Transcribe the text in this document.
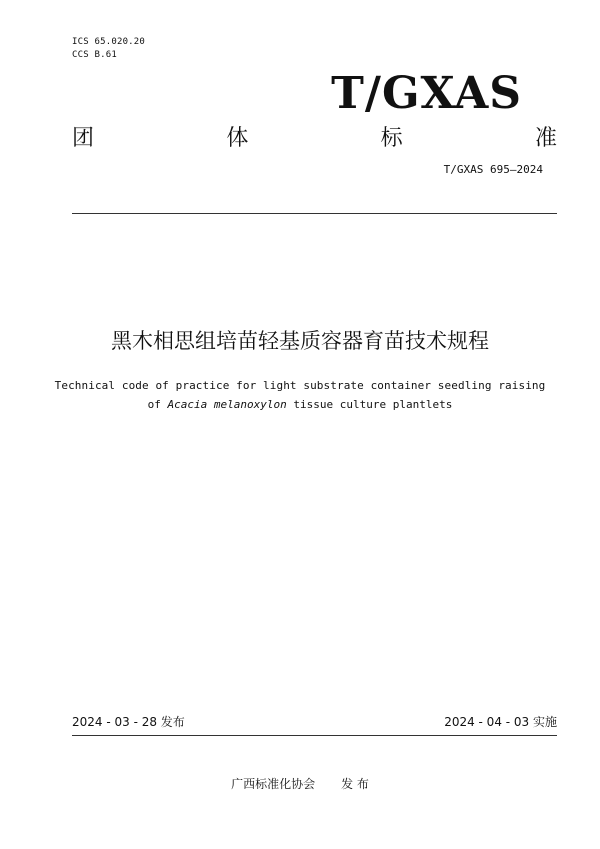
ICS 65.020.20
CCS B.61
T/GXAS
团	体	标	准
T/GXAS 695—2024
黑木相思组培苗轻基质容器育苗技术规程
Technical code of practice for light substrate container seedling raising
of Acacia melanoxylon tissue culture plantlets
2024 - 03 - 28 发布	2024 - 04 - 03 实施
广西标准化协会 发 布
